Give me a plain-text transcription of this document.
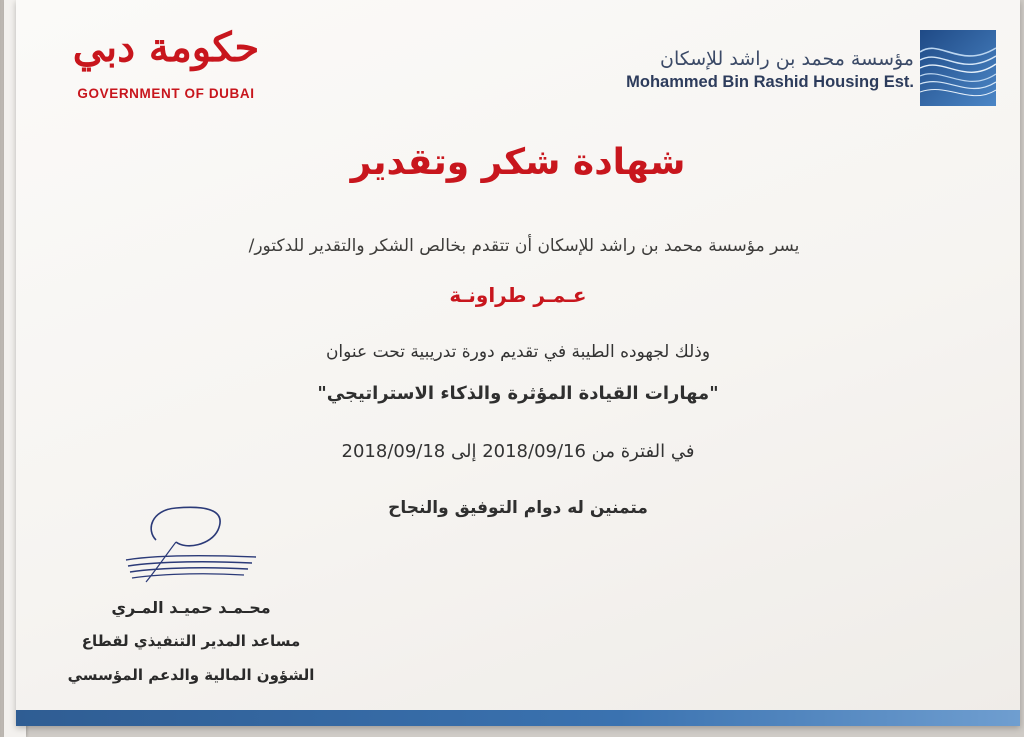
حكومة دبي
GOVERNMENT OF DUBAI
مؤسسة محمد بن راشد للإسكان
Mohammed Bin Rashid Housing Est.
شهادة شكر وتقدير
يسر مؤسسة محمد بن راشد للإسكان أن تتقدم بخالص الشكر والتقدير للدكتور/
عـمـر طراونـة
وذلك لجهوده الطيبة في تقديم دورة تدريبية تحت عنوان
"مهارات القيادة المؤثرة والذكاء الاستراتيجي"
في الفترة من 2018/09/16 إلى 2018/09/18
متمنين له دوام التوفيق والنجاح
محـمـد حميـد المـري
مساعد المدير التنفيذي لقطاع
الشؤون المالية والدعم المؤسسي
